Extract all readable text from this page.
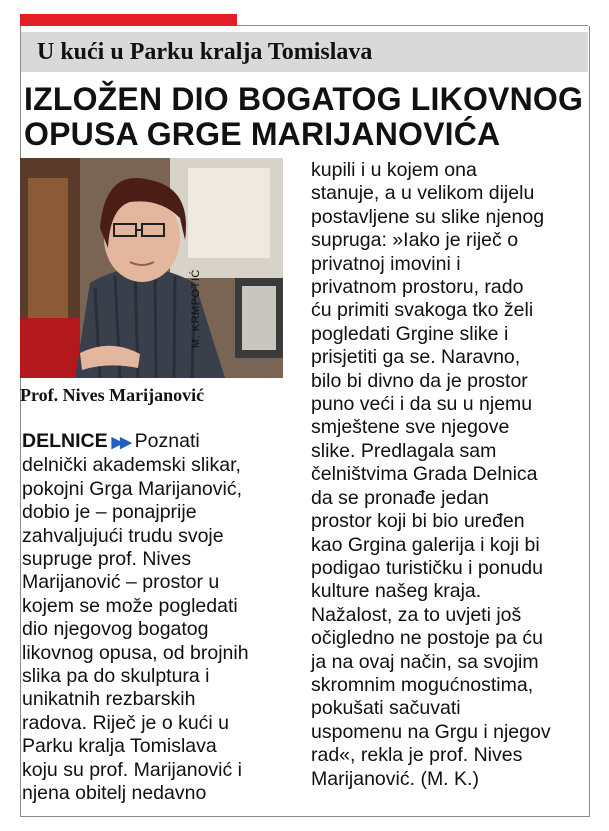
U kući u Parku kralja Tomislava
IZLOŽEN DIO BOGATOG LIKOVNOG
OPUSA GRGE MARIJANOVIĆA
M. KRMPOTIĆ
Prof. Nives Marijanović
DELNICE ▶▶ Poznati
delnički akademski slikar,
pokojni Grga Marijanović,
dobio je – ponajprije
zahvaljujući trudu svoje
supruge prof. Nives
Marijanović – prostor u
kojem se može pogledati
dio njegovog bogatog
likovnog opusa, od brojnih
slika pa do skulptura i
unikatnih rezbarskih
radova. Riječ je o kući u
Parku kralja Tomislava
koju su prof. Marijanović i
njena obitelj nedavno
kupili i u kojem ona
stanuje, a u velikom dijelu
postavljene su slike njenog
supruga: »Iako je riječ o
privatnoj imovini i
privatnom prostoru, rado
ću primiti svakoga tko želi
pogledati Grgine slike i
prisjetiti ga se. Naravno,
bilo bi divno da je prostor
puno veći i da su u njemu
smještene sve njegove
slike. Predlagala sam
čelništvima Grada Delnica
da se pronađe jedan
prostor koji bi bio uređen
kao Grgina galerija i koji bi
podigao turističku i ponudu
kulture našeg kraja.
Nažalost, za to uvjeti još
očigledno ne postoje pa ću
ja na ovaj način, sa svojim
skromnim mogućnostima,
pokušati sačuvati
uspomenu na Grgu i njegov
rad«, rekla je prof. Nives
Marijanović. (M. K.)
